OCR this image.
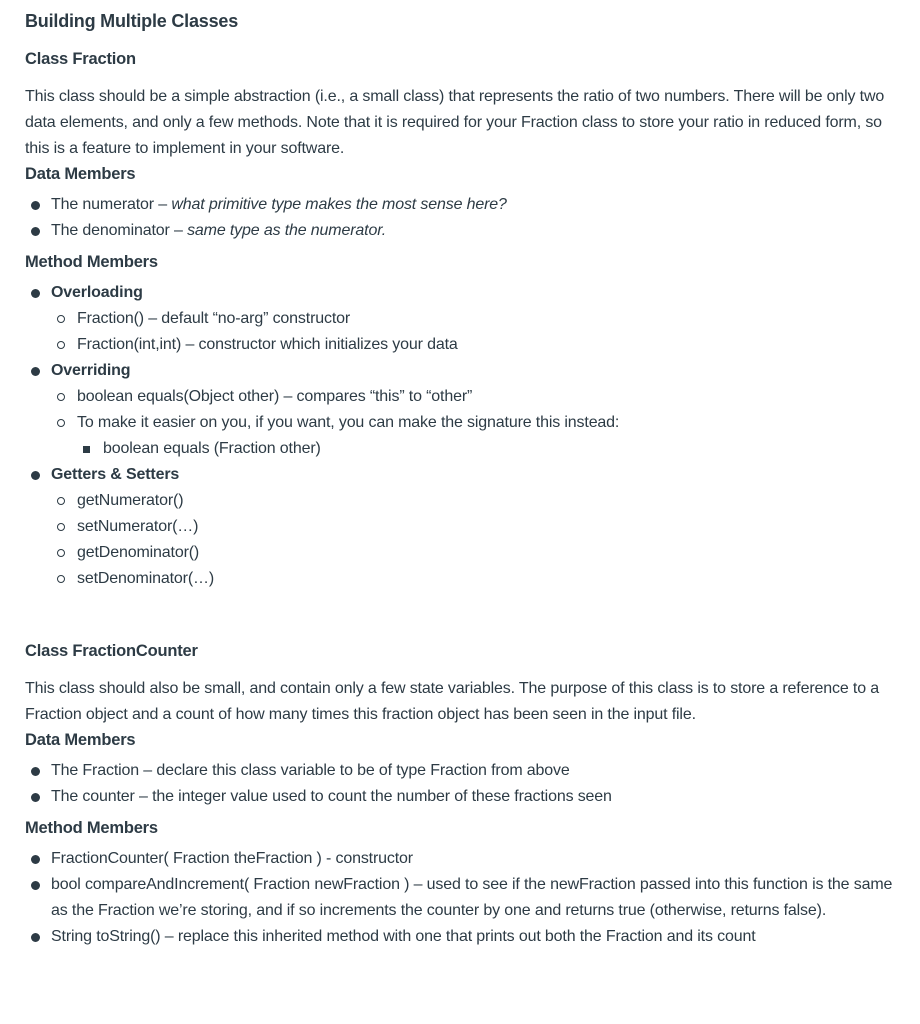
Building Multiple Classes
Class Fraction

This class should be a simple abstraction (i.e., a small class) that represents the ratio of two numbers. There will be only two data elements, and only a few methods. Note that it is required for your Fraction class to store your ratio in reduced form, so this is a feature to implement in your software.

Data Members
The numerator – what primitive type makes the most sense here?
The denominator – same type as the numerator.
Method Members
Overloading
Fraction() – default “no-arg” constructor
Fraction(int,int) – constructor which initializes your data
Overriding
boolean equals(Object other) – compares “this” to “other”
To make it easier on you, if you want, you can make the signature this instead:
boolean equals (Fraction other)
Getters & Setters
getNumerator()
setNumerator(…)
getDenominator()
setDenominator(…)
Class FractionCounter

This class should also be small, and contain only a few state variables. The purpose of this class is to store a reference to a Fraction object and a count of how many times this fraction object has been seen in the input file.

Data Members
The Fraction – declare this class variable to be of type Fraction from above
The counter – the integer value used to count the number of these fractions seen
Method Members
FractionCounter( Fraction theFraction ) - constructor
bool compareAndIncrement( Fraction newFraction ) – used to see if the newFraction passed into this function is the same as the Fraction we’re storing, and if so increments the counter by one and returns true (otherwise, returns false).
String toString() – replace this inherited method with one that prints out both the Fraction and its count
